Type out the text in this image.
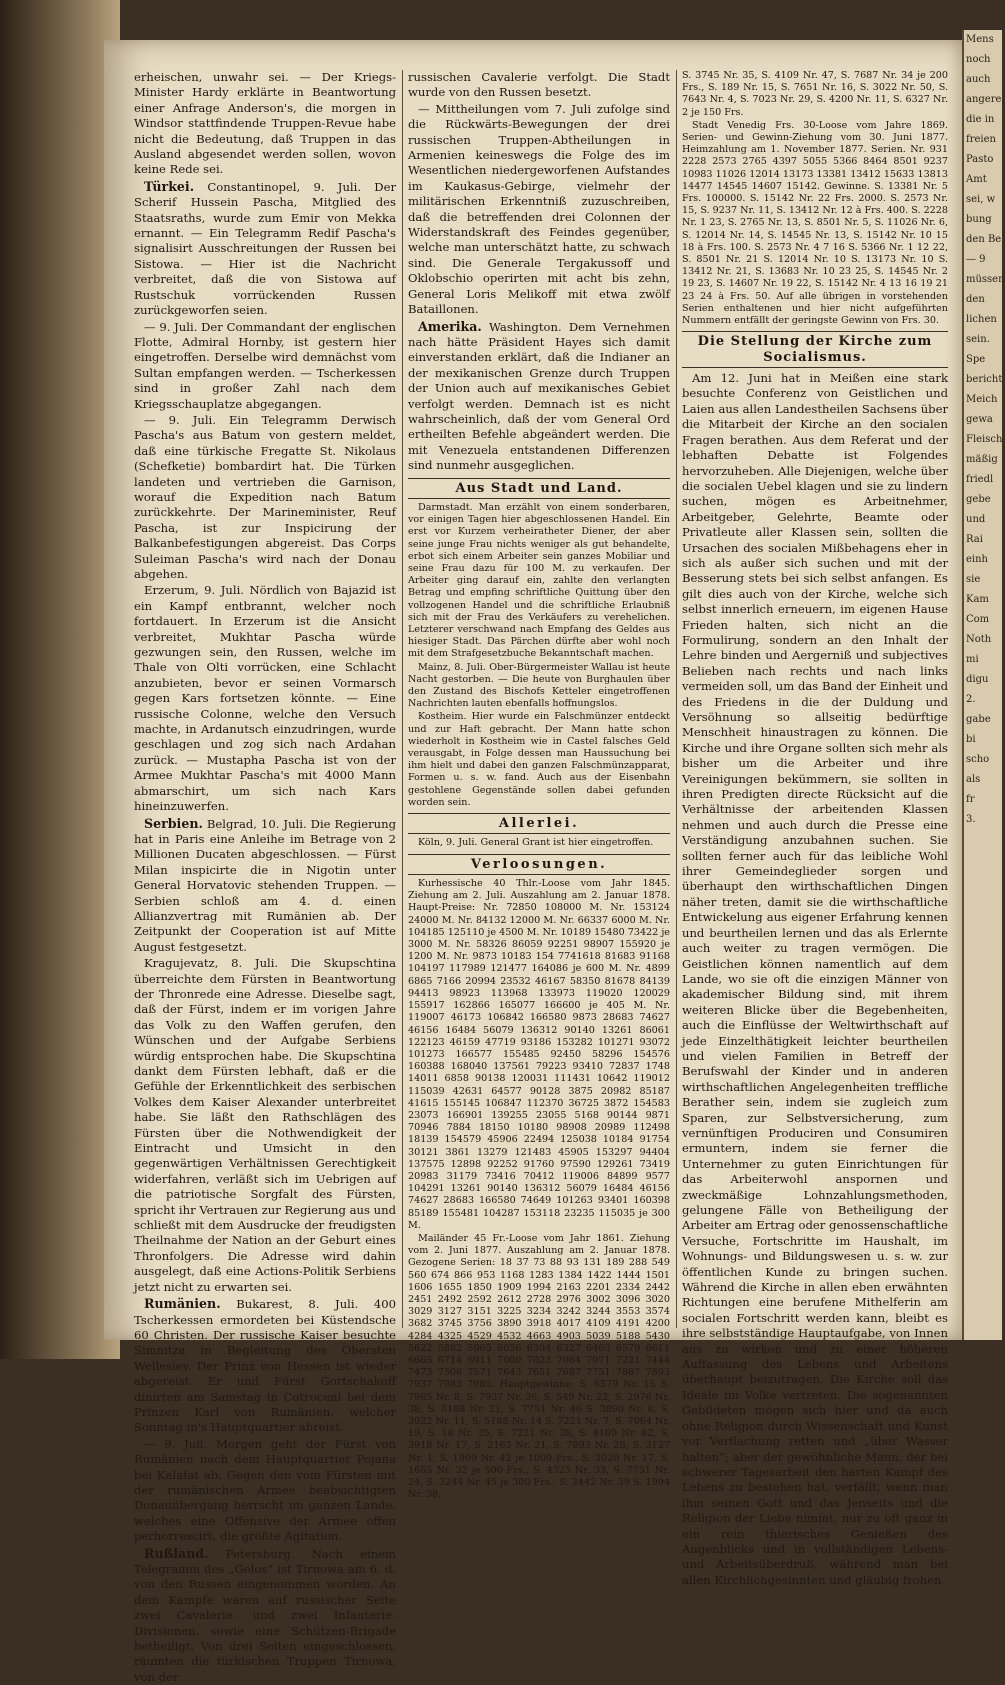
erheischen, unwahr sei. — Der Kriegs-Minister Hardy erklärte in Beantwortung einer Anfrage Anderson's, die morgen in Windsor stattfindende Truppen-Revue habe nicht die Bedeutung, daß Truppen in das Ausland abgesendet werden sollen, wovon keine Rede sei.

Türkei. Constantinopel, 9. Juli. Der Scherif Hussein Pascha, Mitglied des Staatsraths, wurde zum Emir von Mekka ernannt. — Ein Telegramm Redif Pascha's signalisirt Ausschreitungen der Russen bei Sistowa. — Hier ist die Nachricht verbreitet, daß die von Sistowa auf Rustschuk vorrückenden Russen zurückgeworfen seien.

— 9. Juli. Der Commandant der englischen Flotte, Admiral Hornby, ist gestern hier eingetroffen. Derselbe wird demnächst vom Sultan empfangen werden. — Tscherkessen sind in großer Zahl nach dem Kriegsschauplatze abgegangen.

— 9. Juli. Ein Telegramm Derwisch Pascha's aus Batum von gestern meldet, daß eine türkische Fregatte St. Nikolaus (Schefketie) bombardirt hat. Die Türken landeten und vertrieben die Garnison, worauf die Expedition nach Batum zurückkehrte. Der Marineminister, Reuf Pascha, ist zur Inspicirung der Balkanbefestigungen abgereist. Das Corps Suleiman Pascha's wird nach der Donau abgehen.

Erzerum, 9. Juli. Nördlich von Bajazid ist ein Kampf entbrannt, welcher noch fortdauert. In Erzerum ist die Ansicht verbreitet, Mukhtar Pascha würde gezwungen sein, den Russen, welche im Thale von Olti vorrücken, eine Schlacht anzubieten, bevor er seinen Vormarsch gegen Kars fortsetzen könnte. — Eine russische Colonne, welche den Versuch machte, in Ardanutsch einzudringen, wurde geschlagen und zog sich nach Ardahan zurück. — Mustapha Pascha ist von der Armee Mukhtar Pascha's mit 4000 Mann abmarschirt, um sich nach Kars hineinzuwerfen.

Serbien. Belgrad, 10. Juli. Die Regierung hat in Paris eine Anleihe im Betrage von 2 Millionen Ducaten abgeschlossen. — Fürst Milan inspicirte die in Nigotin unter General Horvatovic stehenden Truppen. — Serbien schloß am 4. d. einen Allianzvertrag mit Rumänien ab. Der Zeitpunkt der Cooperation ist auf Mitte August festgesetzt.

Kragujevatz, 8. Juli. Die Skupschtina überreichte dem Fürsten in Beantwortung der Thronrede eine Adresse. Dieselbe sagt, daß der Fürst, indem er im vorigen Jahre das Volk zu den Waffen gerufen, den Wünschen und der Aufgabe Serbiens würdig entsprochen habe. Die Skupschtina dankt dem Fürsten lebhaft, daß er die Gefühle der Erkenntlichkeit des serbischen Volkes dem Kaiser Alexander unterbreitet habe. Sie läßt den Rathschlägen des Fürsten über die Nothwendigkeit der Eintracht und Umsicht in den gegenwärtigen Verhältnissen Gerechtigkeit widerfahren, verläßt sich im Uebrigen auf die patriotische Sorgfalt des Fürsten, spricht ihr Vertrauen zur Regierung aus und schließt mit dem Ausdrucke der freudigsten Theilnahme der Nation an der Geburt eines Thronfolgers. Die Adresse wird dahin ausgelegt, daß eine Actions-Politik Serbiens jetzt nicht zu erwarten sei.

Rumänien. Bukarest, 8. Juli. 400 Tscherkessen ermordeten bei Küstendsche 60 Christen. Der russische Kaiser besuchte Simnitza in Begleitung des Obersten Wellesley. Der Prinz von Hessen ist wieder abgereist. Er und Fürst Gortschakoff dinirten am Samstag in Cotroceni bei dem Prinzen Karl von Rumänien, welcher Sonntag in's Hauptquartier abreist.

— 9. Juli. Morgen geht der Fürst von Rumänien nach dem Hauptquartier Pojana bei Kalafat ab. Gegen den vom Fürsten mit der rumänischen Armee beabsichtigten Donauübergang herrscht im ganzen Lande, welches eine Offensive der Armee offen perhorrescirt, die größte Agitation.

Rußland. Petersburg. Nach einem Telegramm des „Golos“ ist Tirnowa am 6. d. von den Russen eingenommen worden. An dem Kampfe waren auf russischer Seite zwei Cavalerie- und zwei Infanterie-Divisionen, sowie eine Schützen-Brigade betheiligt. Von drei Seiten eingeschlossen, räumten die türkischen Truppen Tirnowa, von der

russischen Cavalerie verfolgt. Die Stadt wurde von den Russen besetzt.

— Mittheilungen vom 7. Juli zufolge sind die Rückwärts-Bewegungen der drei russischen Truppen-Abtheilungen in Armenien keineswegs die Folge des im Wesentlichen niedergeworfenen Aufstandes im Kaukasus-Gebirge, vielmehr der militärischen Erkenntniß zuzuschreiben, daß die betreffenden drei Colonnen der Widerstandskraft des Feindes gegenüber, welche man unterschätzt hatte, zu schwach sind. Die Generale Tergakussoff und Oklobschio operirten mit acht bis zehn, General Loris Melikoff mit etwa zwölf Bataillonen.

Amerika. Washington. Dem Vernehmen nach hätte Präsident Hayes sich damit einverstanden erklärt, daß die Indianer an der mexikanischen Grenze durch Truppen der Union auch auf mexikanisches Gebiet verfolgt werden. Demnach ist es nicht wahrscheinlich, daß der vom General Ord ertheilten Befehle abgeändert werden. Die mit Venezuela entstandenen Differenzen sind nunmehr ausgeglichen.

Aus Stadt und Land.

Darmstadt. Man erzählt von einem sonderbaren, vor einigen Tagen hier abgeschlossenen Handel. Ein erst vor Kurzem verheiratheter Diener, der aber seine junge Frau nichts weniger als gut behandelte, erbot sich einem Arbeiter sein ganzes Mobiliar und seine Frau dazu für 100 M. zu verkaufen. Der Arbeiter ging darauf ein, zahlte den verlangten Betrag und empfing schriftliche Quittung über den vollzogenen Handel und die schriftliche Erlaubniß sich mit der Frau des Verkäufers zu verehelichen. Letzterer verschwand nach Empfang des Geldes aus hiesiger Stadt. Das Pärchen dürfte aber wohl noch mit dem Strafgesetzbuche Bekanntschaft machen.

Mainz, 8. Juli. Ober-Bürgermeister Wallau ist heute Nacht gestorben. — Die heute von Burghaulen über den Zustand des Bischofs Ketteler eingetroffenen Nachrichten lauten ebenfalls hoffnungslos.

Kostheim. Hier wurde ein Falschmünzer entdeckt und zur Haft gebracht. Der Mann hatte schon wiederholt in Kostheim wie in Castel falsches Geld verausgabt, in Folge dessen man Haussuchung bei ihm hielt und dabei den ganzen Falschmünzapparat, Formen u. s. w. fand. Auch aus der Eisenbahn gestohlene Gegenstände sollen dabei gefunden worden sein.

Allerlei.

Köln, 9. Juli. General Grant ist hier eingetroffen.

Verloosungen.

Kurhessische 40 Thlr.-Loose vom Jahr 1845. Ziehung am 2. Juli. Auszahlung am 2. Januar 1878. Haupt-Preise: Nr. 72850 108000 M. Nr. 153124 24000 M. Nr. 84132 12000 M. Nr. 66337 6000 M. Nr. 104185 125110 je 4500 M. Nr. 10189 15480 73422 je 3000 M. Nr. 58326 86059 92251 98907 155920 je 1200 M. Nr. 9873 10183 154 7741618 81683 91168 104197 117989 121477 164086 je 600 M. Nr. 4899 6865 7166 20994 23532 46167 58350 81678 84139 94413 98923 113968 133973 119020 120029 155917 162866 165077 166600 je 405 M. Nr. 119007 46173 106842 166580 9873 28683 74627 46156 16484 56079 136312 90140 13261 86061 122123 46159 47719 93186 153282 101271 93072 101273 166577 155485 92450 58296 154576 160388 168040 137561 79223 93410 72837 1748 14011 6858 90138 120031 111431 10642 119012 115039 42631 64577 90128 3875 20982 85187 41615 155145 106847 112370 36725 3872 154583 23073 166901 139255 23055 5168 90144 9871 70946 7884 18150 10180 98908 20989 112498 18139 154579 45906 22494 125038 10184 91754 30121 3861 13279 121483 45905 153297 94404 137575 12898 92252 91760 97590 129261 73419 20983 31179 73416 70412 119006 84899 9577 104291 13261 90140 136312 56079 16484 46156 74627 28683 166580 74649 101263 93401 160398 85189 155481 104287 153118 23235 115035 je 300 M.

Mailänder 45 Fr.-Loose vom Jahr 1861. Ziehung vom 2. Juni 1877. Auszahlung am 2. Januar 1878. Gezogene Serien: 18 37 73 88 93 131 189 288 549 560 674 866 953 1168 1283 1384 1422 1444 1501 1606 1655 1850 1909 1994 2163 2201 2334 2442 2451 2492 2592 2612 2728 2976 3002 3096 3020 3029 3127 3151 3225 3234 3242 3244 3553 3574 3682 3745 3756 3890 3918 4017 4109 4191 4200 4284 4325 4529 4532 4663 4903 5039 5188 5430 5622 5882 5965 6056 6304 6327 6463 6579 6611 6665 6714 6911 7009 7023 7064 7071 7221 7444 7473 7506 7571 7643 7651 7687 7751 7887 7893 7937 7983 7985. Hauptgewinne: S. 6579 Nr. 15 S. 7985 Nr. 8, S. 7937 Nr. 36, S. 549 Nr. 22, S. 2976 Nr. 38, S. 5188 Nr. 21, S. 7751 Nr. 46 S. 3890 Nr. 8, S. 3022 Nr. 11, S. 5188 Nr. 14 S. 7221 Nr. 7, S. 7064 Nr. 19, S. 18 Nr. 35, S. 7221 Nr. 38, S. 4109 Nr. 42, S. 3918 Nr. 17, S. 2163 Nr. 21, S. 7893 Nr. 28, S. 3127 Nr. 1, S. 1909 Nr. 42 je 1000 Frs., S. 3020 Nr. 17, S. 1655 Nr. 32 je 500 Frs., S. 4325 Nr. 33, S. 7751 Nr. 24, S. 3244 Nr. 45 je 300 Frs., S. 2442 Nr. 39 S. 1994 Nr. 38,

S. 3745 Nr. 35, S. 4109 Nr. 47, S. 7687 Nr. 34 je 200 Frs., S. 189 Nr. 15, S. 7651 Nr. 16, S. 3022 Nr. 50, S. 7643 Nr. 4, S. 7023 Nr. 29, S. 4200 Nr. 11, S. 6327 Nr. 2 je 150 Frs.

Stadt Venedig Frs. 30-Loose vom Jahre 1869. Serien- und Gewinn-Ziehung vom 30. Juni 1877. Heimzahlung am 1. November 1877. Serien. Nr. 931 2228 2573 2765 4397 5055 5366 8464 8501 9237 10983 11026 12014 13173 13381 13412 15633 13813 14477 14545 14607 15142. Gewinne. S. 13381 Nr. 5 Frs. 100000. S. 15142 Nr. 22 Frs. 2000. S. 2573 Nr. 15, S. 9237 Nr. 11, S. 13412 Nr. 12 à Frs. 400. S. 2228 Nr. 1 23, S. 2765 Nr. 13, S. 8501 Nr. 5, S. 11026 Nr. 6, S. 12014 Nr. 14, S. 14545 Nr. 13, S. 15142 Nr. 10 15 18 à Frs. 100. S. 2573 Nr. 4 7 16 S. 5366 Nr. 1 12 22, S. 8501 Nr. 21 S. 12014 Nr. 10 S. 13173 Nr. 10 S. 13412 Nr. 21, S. 13683 Nr. 10 23 25, S. 14545 Nr. 2 19 23, S. 14607 Nr. 19 22, S. 15142 Nr. 4 13 16 19 21 23 24 à Frs. 50. Auf alle übrigen in vorstehenden Serien enthaltenen und hier nicht aufgeführten Nummern entfällt der geringste Gewinn von Frs. 30.

Die Stellung der Kirche zum Socialismus.

Am 12. Juni hat in Meißen eine stark besuchte Conferenz von Geistlichen und Laien aus allen Landestheilen Sachsens über die Mitarbeit der Kirche an den socialen Fragen berathen. Aus dem Referat und der lebhaften Debatte ist Folgendes hervorzuheben. Alle Diejenigen, welche über die socialen Uebel klagen und sie zu lindern suchen, mögen es Arbeitnehmer, Arbeitgeber, Gelehrte, Beamte oder Privatleute aller Klassen sein, sollten die Ursachen des socialen Mißbehagens eher in sich als außer sich suchen und mit der Besserung stets bei sich selbst anfangen. Es gilt dies auch von der Kirche, welche sich selbst innerlich erneuern, im eigenen Hause Frieden halten, sich nicht an die Formulirung, sondern an den Inhalt der Lehre binden und Aergerniß und subjectives Belieben nach rechts und nach links vermeiden soll, um das Band der Einheit und des Friedens in die der Duldung und Versöhnung so allseitig bedürftige Menschheit hinaustragen zu können. Die Kirche und ihre Organe sollten sich mehr als bisher um die Arbeiter und ihre Vereinigungen bekümmern, sie sollten in ihren Predigten directe Rücksicht auf die Verhältnisse der arbeitenden Klassen nehmen und auch durch die Presse eine Verständigung anzubahnen suchen. Sie sollten ferner auch für das leibliche Wohl ihrer Gemeindeglieder sorgen und überhaupt den wirthschaftlichen Dingen näher treten, damit sie die wirthschaftliche Entwickelung aus eigener Erfahrung kennen und beurtheilen lernen und das als Erlernte auch weiter zu tragen vermögen. Die Geistlichen können namentlich auf dem Lande, wo sie oft die einzigen Männer von akademischer Bildung sind, mit ihrem weiteren Blicke über die Begebenheiten, auch die Einflüsse der Weltwirthschaft auf jede Einzelthätigkeit leichter beurtheilen und vielen Familien in Betreff der Berufswahl der Kinder und in anderen wirthschaftlichen Angelegenheiten treffliche Berather sein, indem sie zugleich zum Sparen, zur Selbstversicherung, zum vernünftigen Produciren und Consumiren ermuntern, indem sie ferner die Unternehmer zu guten Einrichtungen für das Arbeiterwohl anspornen und zweckmäßige Lohnzahlungsmethoden, gelungene Fälle von Betheiligung der Arbeiter am Ertrag oder genossenschaftliche Versuche, Fortschritte im Haushalt, im Wohnungs- und Bildungswesen u. s. w. zur öffentlichen Kunde zu bringen suchen. Während die Kirche in allen eben erwähnten Richtungen eine berufene Mithelferin am socialen Fortschritt werden kann, bleibt es ihre selbstständige Hauptaufgabe, von Innen aus zu wirken und zu einer höheren Auffassung des Lebens und Arbeitens überhaupt beizutragen. Die Kirche soll das Ideale im Volke vertreten. Die sogenannten Gebildeten mögen sich hier und da auch ohne Religion durch Wissenschaft und Kunst vor Verflachung retten und „über Wasser halten“; aber der gewöhnliche Mann, der bei schwerer Tagesarbeit den harten Kampf des Lebens zu bestehen hat, verfällt, wenn man ihm seinen Gott und das Jenseits und die Religion der Liebe nimmt, nur zu oft ganz in ein rein thierisches Genießen des Augenblicks und in vollständigen Lebens- und Arbeitsüberdruß, während man bei allen Kirchlichgesinnten und gläubig frohen

Mens
noch
auch
angere
die in
freien
Pasto
Amt
sei, w
bung
den Be
— 9
müssen
den
lichen
sein.
Spe
bericht
Meich
gewa
Fleisch
mäßig
friedl
gebe
und
Rai
einh
sie
Kam
Com
Noth
mi
digu
2.
gabe
bi
scho
als
fr
3.
